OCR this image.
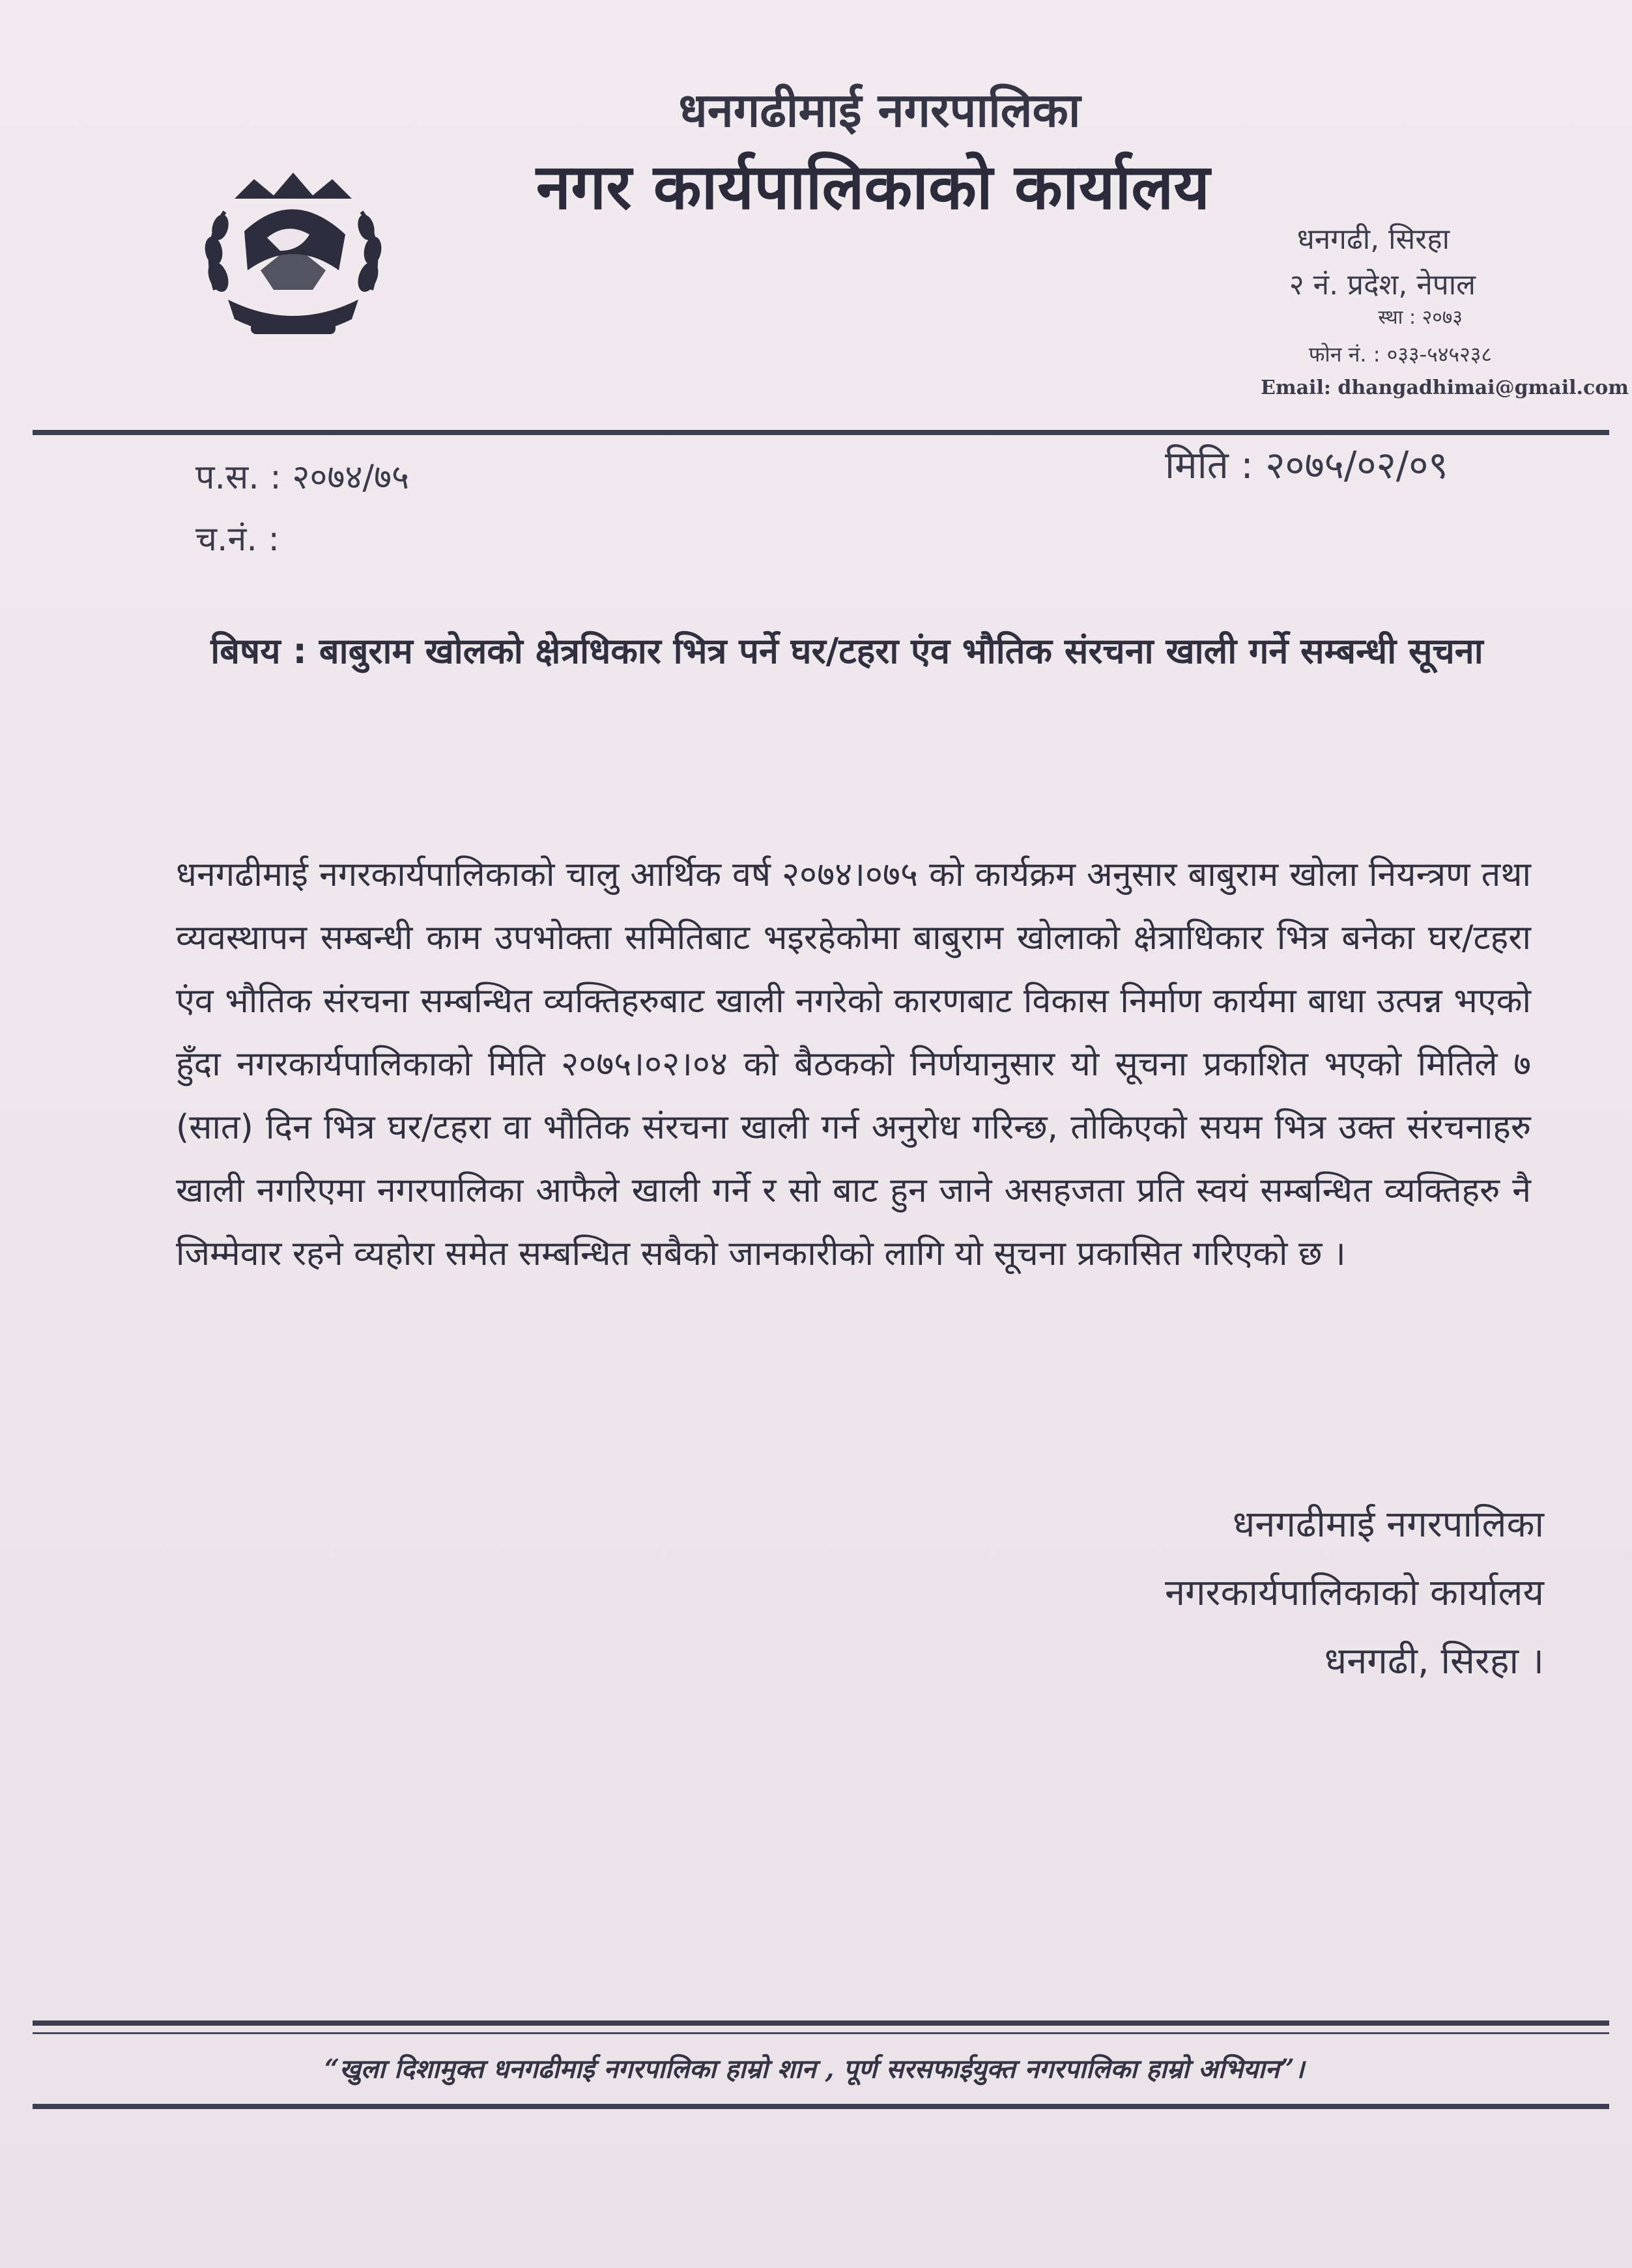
धनगढीमाई नगरपालिका
नगर कार्यपालिकाको कार्यालय
धनगढी, सिरहा
२ नं. प्रदेश, नेपाल
स्था : २०७३
फोन नं. : ०३३-५४५२३८
Email: dhangadhimai@gmail.com
प.स. : २०७४/७५	मिति : २०७५/०२/०९
च.नं. :
बिषय : बाबुराम खोलको क्षेत्रधिकार भित्र पर्ने घर/टहरा एंव भौतिक संरचना खाली गर्ने सम्बन्धी सूचना
धनगढीमाई नगरकार्यपालिकाको चालु आर्थिक वर्ष २०७४।०७५ को कार्यक्रम अनुसार बाबुराम खोला नियन्त्रण तथा व्यवस्थापन सम्बन्धी काम उपभोक्ता समितिबाट भइरहेकोमा बाबुराम खोलाको क्षेत्राधिकार भित्र बनेका घर/टहरा एंव भौतिक संरचना सम्बन्धित व्यक्तिहरुबाट खाली नगरेको कारणबाट विकास निर्माण कार्यमा बाधा उत्पन्न भएको हुँदा नगरकार्यपालिकाको मिति २०७५।०२।०४ को बैठकको निर्णयानुसार यो सूचना प्रकाशित भएको मितिले ७ (सात) दिन भित्र घर/टहरा वा भौतिक संरचना खाली गर्न अनुरोध गरिन्छ, तोकिएको सयम भित्र उक्त संरचनाहरु खाली नगरिएमा नगरपालिका आफैले खाली गर्ने र सो बाट हुन जाने असहजता प्रति स्वयं सम्बन्धित व्यक्तिहरु नै जिम्मेवार रहने व्यहोरा समेत सम्बन्धित सबैको जानकारीको लागि यो सूचना प्रकासित गरिएको छ ।
धनगढीमाई नगरपालिका
नगरकार्यपालिकाको कार्यालय
धनगढी, सिरहा ।
“खुला दिशामुक्त धनगढीमाई नगरपालिका हाम्रो शान , पूर्ण सरसफाईयुक्त नगरपालिका हाम्रो अभियान”।
